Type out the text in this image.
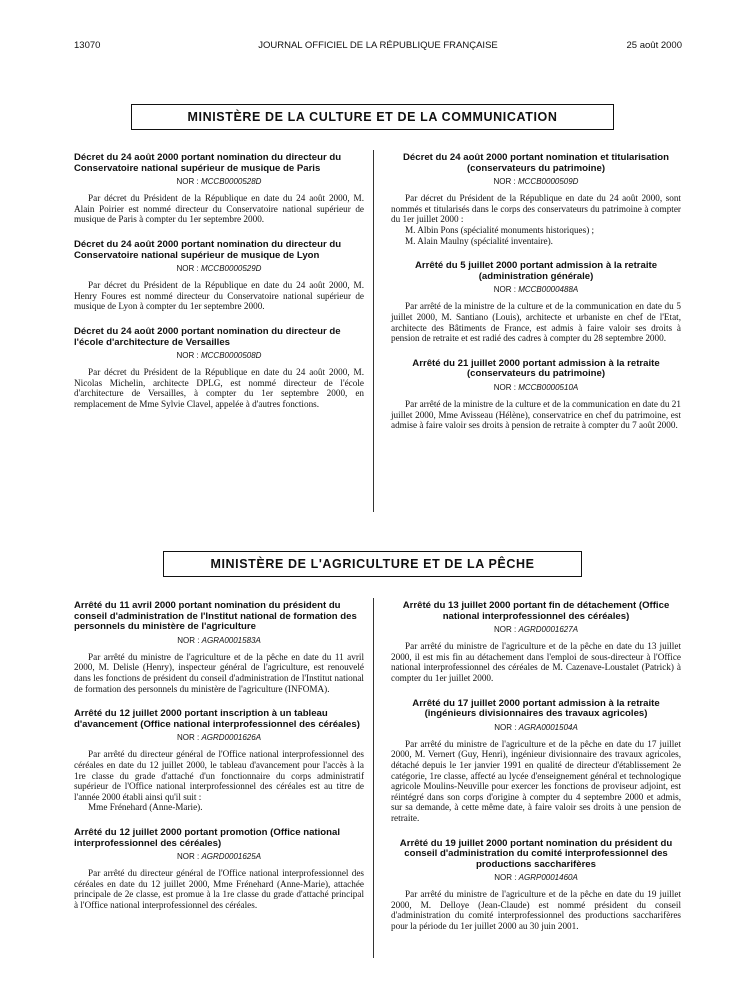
13070	JOURNAL OFFICIEL DE LA RÉPUBLIQUE FRANÇAISE	25 août 2000
MINISTÈRE DE LA CULTURE ET DE LA COMMUNICATION
Décret du 24 août 2000 portant nomination du directeur du Conservatoire national supérieur de musique de Paris
NOR : MCCB0000528D

Par décret du Président de la République en date du 24 août 2000, M. Alain Poirier est nommé directeur du Conservatoire national supérieur de musique de Paris à compter du 1er septembre 2000.

Décret du 24 août 2000 portant nomination du directeur du Conservatoire national supérieur de musique de Lyon
NOR : MCCB0000529D

Par décret du Président de la République en date du 24 août 2000, M. Henry Foures est nommé directeur du Conservatoire national supérieur de musique de Lyon à compter du 1er septembre 2000.

Décret du 24 août 2000 portant nomination du directeur de l'école d'architecture de Versailles
NOR : MCCB0000508D

Par décret du Président de la République en date du 24 août 2000, M. Nicolas Michelin, architecte DPLG, est nommé directeur de l'école d'architecture de Versailles, à compter du 1er septembre 2000, en remplacement de Mme Sylvie Clavel, appelée à d'autres fonctions.

Décret du 24 août 2000 portant nomination et titularisation (conservateurs du patrimoine)
NOR : MCCB0000509D

Par décret du Président de la République en date du 24 août 2000, sont nommés et titularisés dans le corps des conservateurs du patrimoine à compter du 1er juillet 2000 :

M. Albin Pons (spécialité monuments historiques) ;

M. Alain Maulny (spécialité inventaire).

Arrêté du 5 juillet 2000 portant admission à la retraite (administration générale)
NOR : MCCB0000488A

Par arrêté de la ministre de la culture et de la communication en date du 5 juillet 2000, M. Santiano (Louis), architecte et urbaniste en chef de l'Etat, architecte des Bâtiments de France, est admis à faire valoir ses droits à pension de retraite et est radié des cadres à compter du 28 septembre 2000.

Arrêté du 21 juillet 2000 portant admission à la retraite (conservateurs du patrimoine)
NOR : MCCB0000510A

Par arrêté de la ministre de la culture et de la communication en date du 21 juillet 2000, Mme Avisseau (Hélène), conservatrice en chef du patrimoine, est admise à faire valoir ses droits à pension de retraite à compter du 7 août 2000.

MINISTÈRE DE L'AGRICULTURE ET DE LA PÊCHE
Arrêté du 11 avril 2000 portant nomination du président du conseil d'administration de l'Institut national de formation des personnels du ministère de l'agriculture
NOR : AGRA0001583A

Par arrêté du ministre de l'agriculture et de la pêche en date du 11 avril 2000, M. Delisle (Henry), inspecteur général de l'agriculture, est renouvelé dans les fonctions de président du conseil d'administration de l'Institut national de formation des personnels du ministère de l'agriculture (INFOMA).

Arrêté du 12 juillet 2000 portant inscription à un tableau d'avancement (Office national interprofessionnel des céréales)
NOR : AGRD0001626A

Par arrêté du directeur général de l'Office national interprofessionnel des céréales en date du 12 juillet 2000, le tableau d'avancement pour l'accès à la 1re classe du grade d'attaché d'un fonctionnaire du corps administratif supérieur de l'Office national interprofessionnel des céréales est au titre de l'année 2000 établi ainsi qu'il suit :

Mme Frénehard (Anne-Marie).

Arrêté du 12 juillet 2000 portant promotion (Office national interprofessionnel des céréales)
NOR : AGRD0001625A

Par arrêté du directeur général de l'Office national interprofessionnel des céréales en date du 12 juillet 2000, Mme Frénehard (Anne-Marie), attachée principale de 2e classe, est promue à la 1re classe du grade d'attaché principal à l'Office national interprofessionnel des céréales.

Arrêté du 13 juillet 2000 portant fin de détachement (Office national interprofessionnel des céréales)
NOR : AGRD0001627A

Par arrêté du ministre de l'agriculture et de la pêche en date du 13 juillet 2000, il est mis fin au détachement dans l'emploi de sous-directeur à l'Office national interprofessionnel des céréales de M. Cazenave-Loustalet (Patrick) à compter du 1er juillet 2000.

Arrêté du 17 juillet 2000 portant admission à la retraite (ingénieurs divisionnaires des travaux agricoles)
NOR : AGRA0001504A

Par arrêté du ministre de l'agriculture et de la pêche en date du 17 juillet 2000, M. Vernert (Guy, Henri), ingénieur divisionnaire des travaux agricoles, détaché depuis le 1er janvier 1991 en qualité de directeur d'établissement 2e catégorie, 1re classe, affecté au lycée d'enseignement général et technologique agricole Moulins-Neuville pour exercer les fonctions de proviseur adjoint, est réintégré dans son corps d'origine à compter du 4 septembre 2000 et admis, sur sa demande, à cette même date, à faire valoir ses droits à une pension de retraite.

Arrêté du 19 juillet 2000 portant nomination du président du conseil d'administration du comité interprofessionnel des productions saccharifères
NOR : AGRP0001460A

Par arrêté du ministre de l'agriculture et de la pêche en date du 19 juillet 2000, M. Delloye (Jean-Claude) est nommé président du conseil d'administration du comité interprofessionnel des productions saccharifères pour la période du 1er juillet 2000 au 30 juin 2001.
